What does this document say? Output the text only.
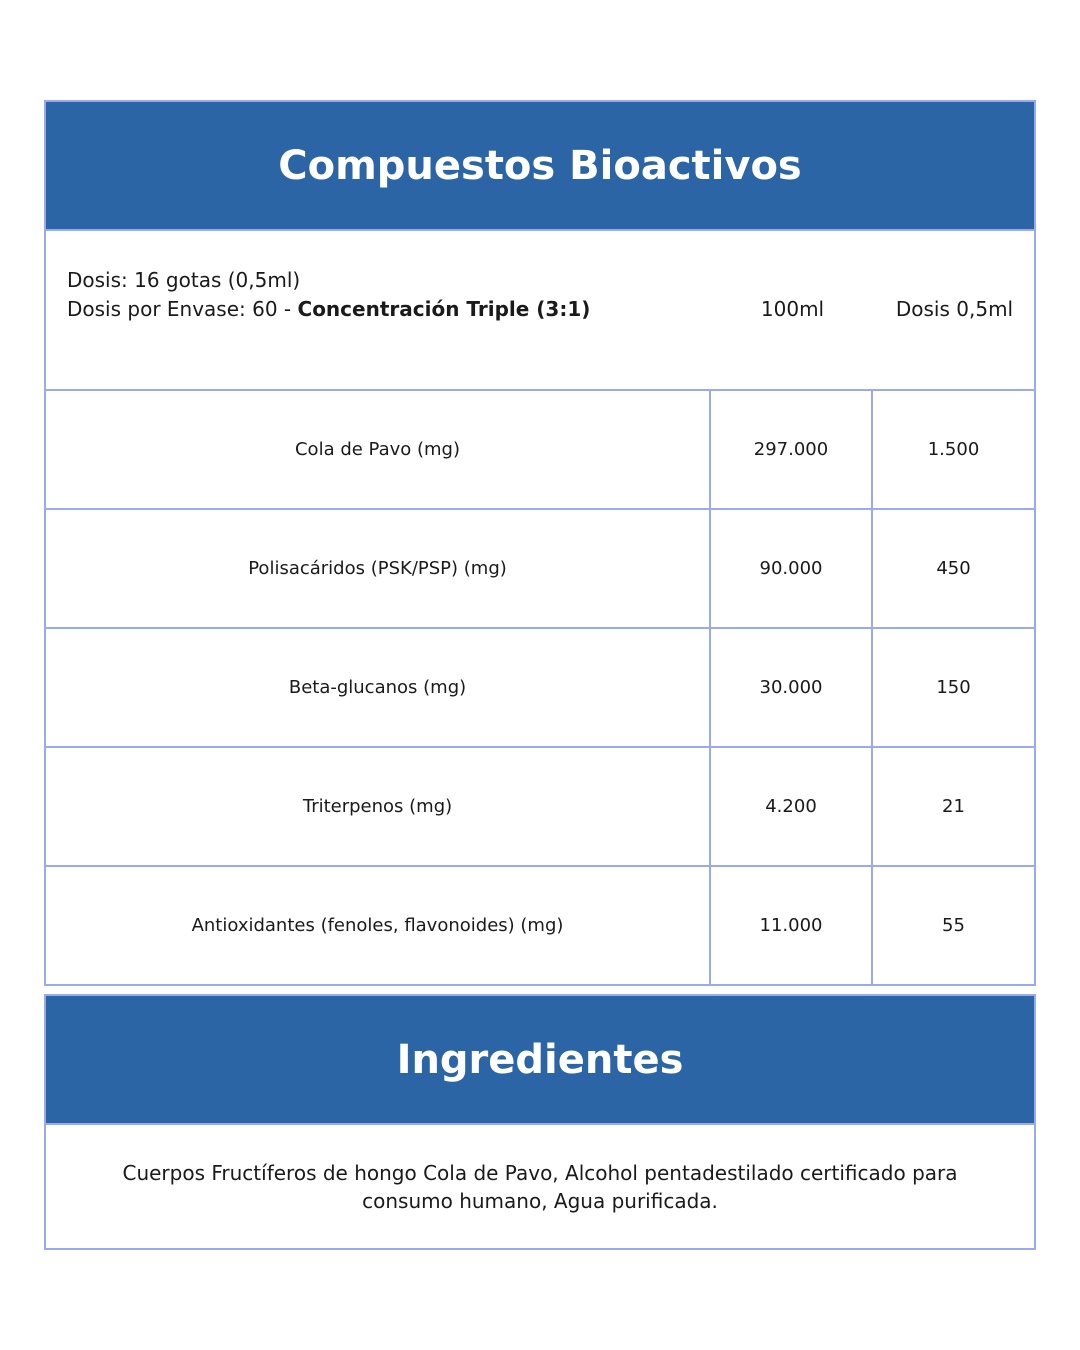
Compuestos Bioactivos
Dosis: 16 gotas (0,5ml)
Dosis por Envase: 60 - Concentración Triple (3:1)	100ml	Dosis 0,5ml
Cola de Pavo (mg)	297.000	1.500
Polisacáridos (PSK/PSP) (mg)	90.000	450
Beta-glucanos (mg)	30.000	150
Triterpenos (mg)	4.200	21
Antioxidantes (fenoles, flavonoides) (mg)	11.000	55
Ingredientes
Cuerpos Fructíferos de hongo Cola de Pavo, Alcohol pentadestilado certificado para consumo humano, Agua purificada.
